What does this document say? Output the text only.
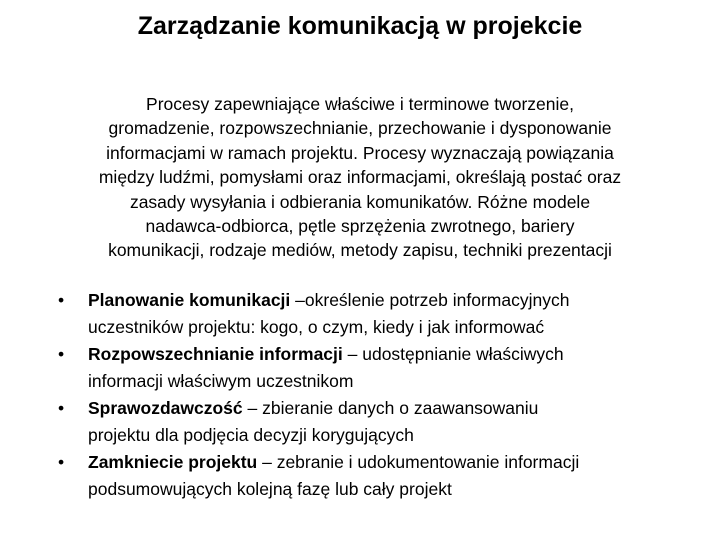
Zarządzanie komunikacją w projekcie
Procesy zapewniające właściwe i terminowe tworzenie,
gromadzenie, rozpowszechnianie, przechowanie i dysponowanie
informacjami w ramach projektu. Procesy wyznaczają powiązania
między ludźmi, pomysłami oraz informacjami, określają postać oraz
zasady wysyłania i odbierania komunikatów. Różne modele
nadawca-odbiorca, pętle sprzężenia zwrotnego, bariery
komunikacji, rodzaje mediów, metody zapisu, techniki prezentacji
• Planowanie komunikacji –określenie potrzeb informacyjnych
uczestników projektu: kogo, o czym, kiedy i jak informować
• Rozpowszechnianie informacji – udostępnianie właściwych
informacji właściwym uczestnikom
• Sprawozdawczość – zbieranie danych o zaawansowaniu
projektu dla podjęcia decyzji korygujących
• Zamkniecie projektu – zebranie i udokumentowanie informacji
podsumowujących kolejną fazę lub cały projekt
